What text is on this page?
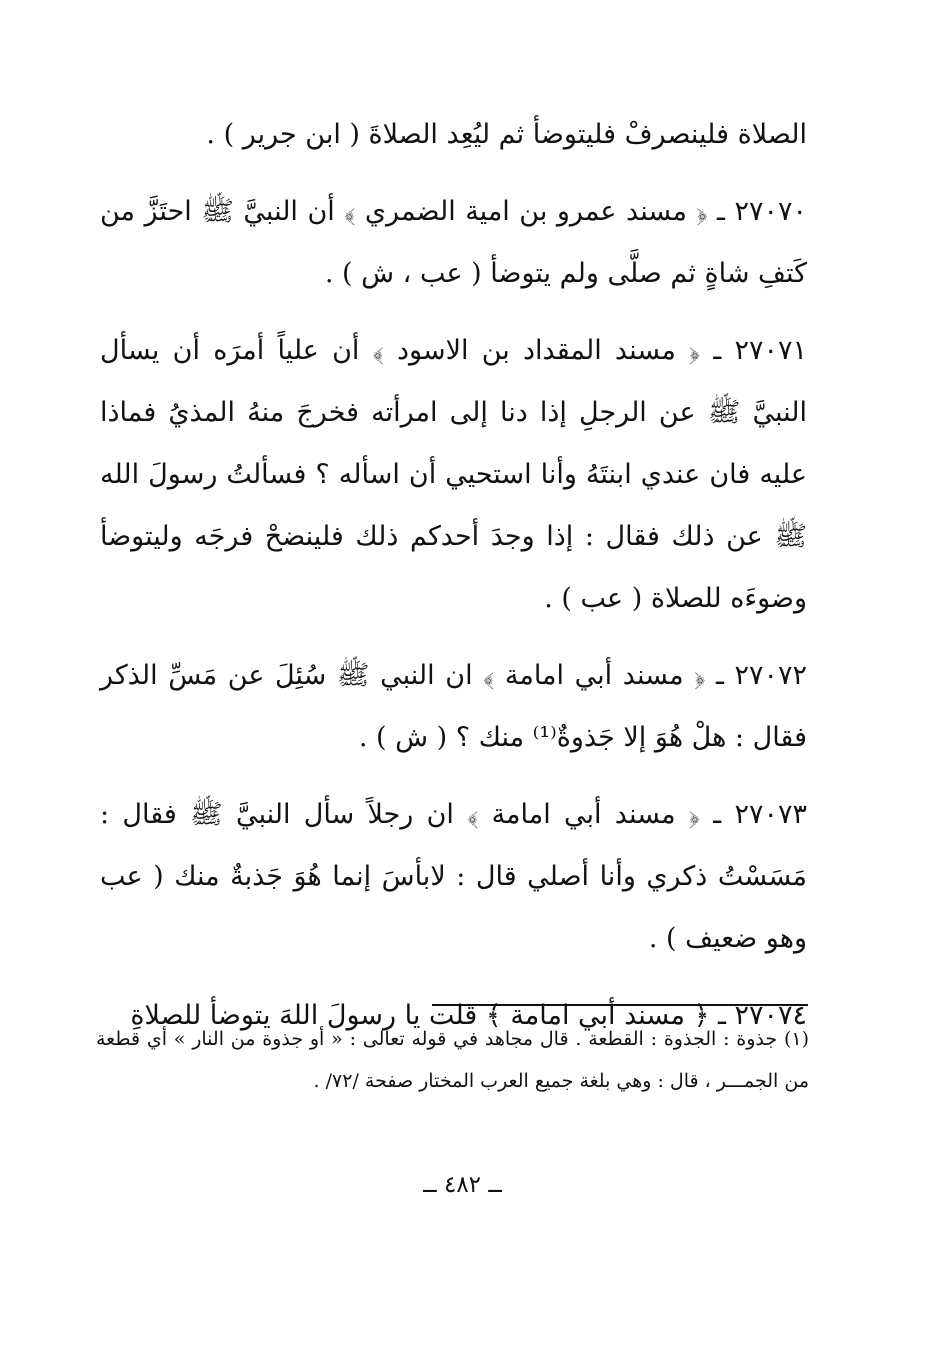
الصلاة فلينصرفْ فليتوضأ ثم ليُعِد الصلاةَ ( ابن جرير ) .

٢٧٠٧٠ ـ ﴿ مسند عمرو بن امية الضمري ﴾ أن النبيَّ ﷺ احتَزَّ من كَتفِ شاةٍ ثم صلَّى ولم يتوضأ ( عب ، ش ) .

٢٧٠٧١ ـ ﴿ مسند المقداد بن الاسود ﴾ أن علياً أمرَه أن يسأل النبيَّ ﷺ عن الرجلِ إذا دنا إلى امرأته فخرجَ منهُ المذيُ فماذا عليه فان عندي ابنتَهُ وأنا استحيي أن اسأله ؟ فسألتُ رسولَ الله ﷺ عن ذلك فقال : إذا وجدَ أحدكم ذلك فلينضحْ فرجَه وليتوضأ وضوءَه للصلاة ( عب ) .

٢٧٠٧٢ ـ ﴿ مسند أبي امامة ﴾ ان النبي ﷺ سُئِلَ عن مَسِّ الذكر فقال : هلْ هُوَ إلا جَذوةٌ⁽¹⁾ منك ؟ ( ش ) .

٢٧٠٧٣ ـ ﴿ مسند أبي امامة ﴾ ان رجلاً سأل النبيَّ ﷺ فقال : مَسَسْتُ ذكري وأنا أصلي قال : لابأسَ إنما هُوَ جَذبةٌ منك ( عب وهو ضعيف ) .

٢٧٠٧٤ ـ ﴿ مسند أبي امامة ﴾ قلت يا رسولَ اللهَ يتوضأ للصلاةِ

(١) جذوة : الجذوة : القطعة . قال مجاهد في قوله تعالى : « أو جذوة من النار » أي قطعة من الجمـــر ، قال : وهي بلغة جميع العرب المختار صفحة /٧٢/ .
ــ ٤٨٢ ــ
